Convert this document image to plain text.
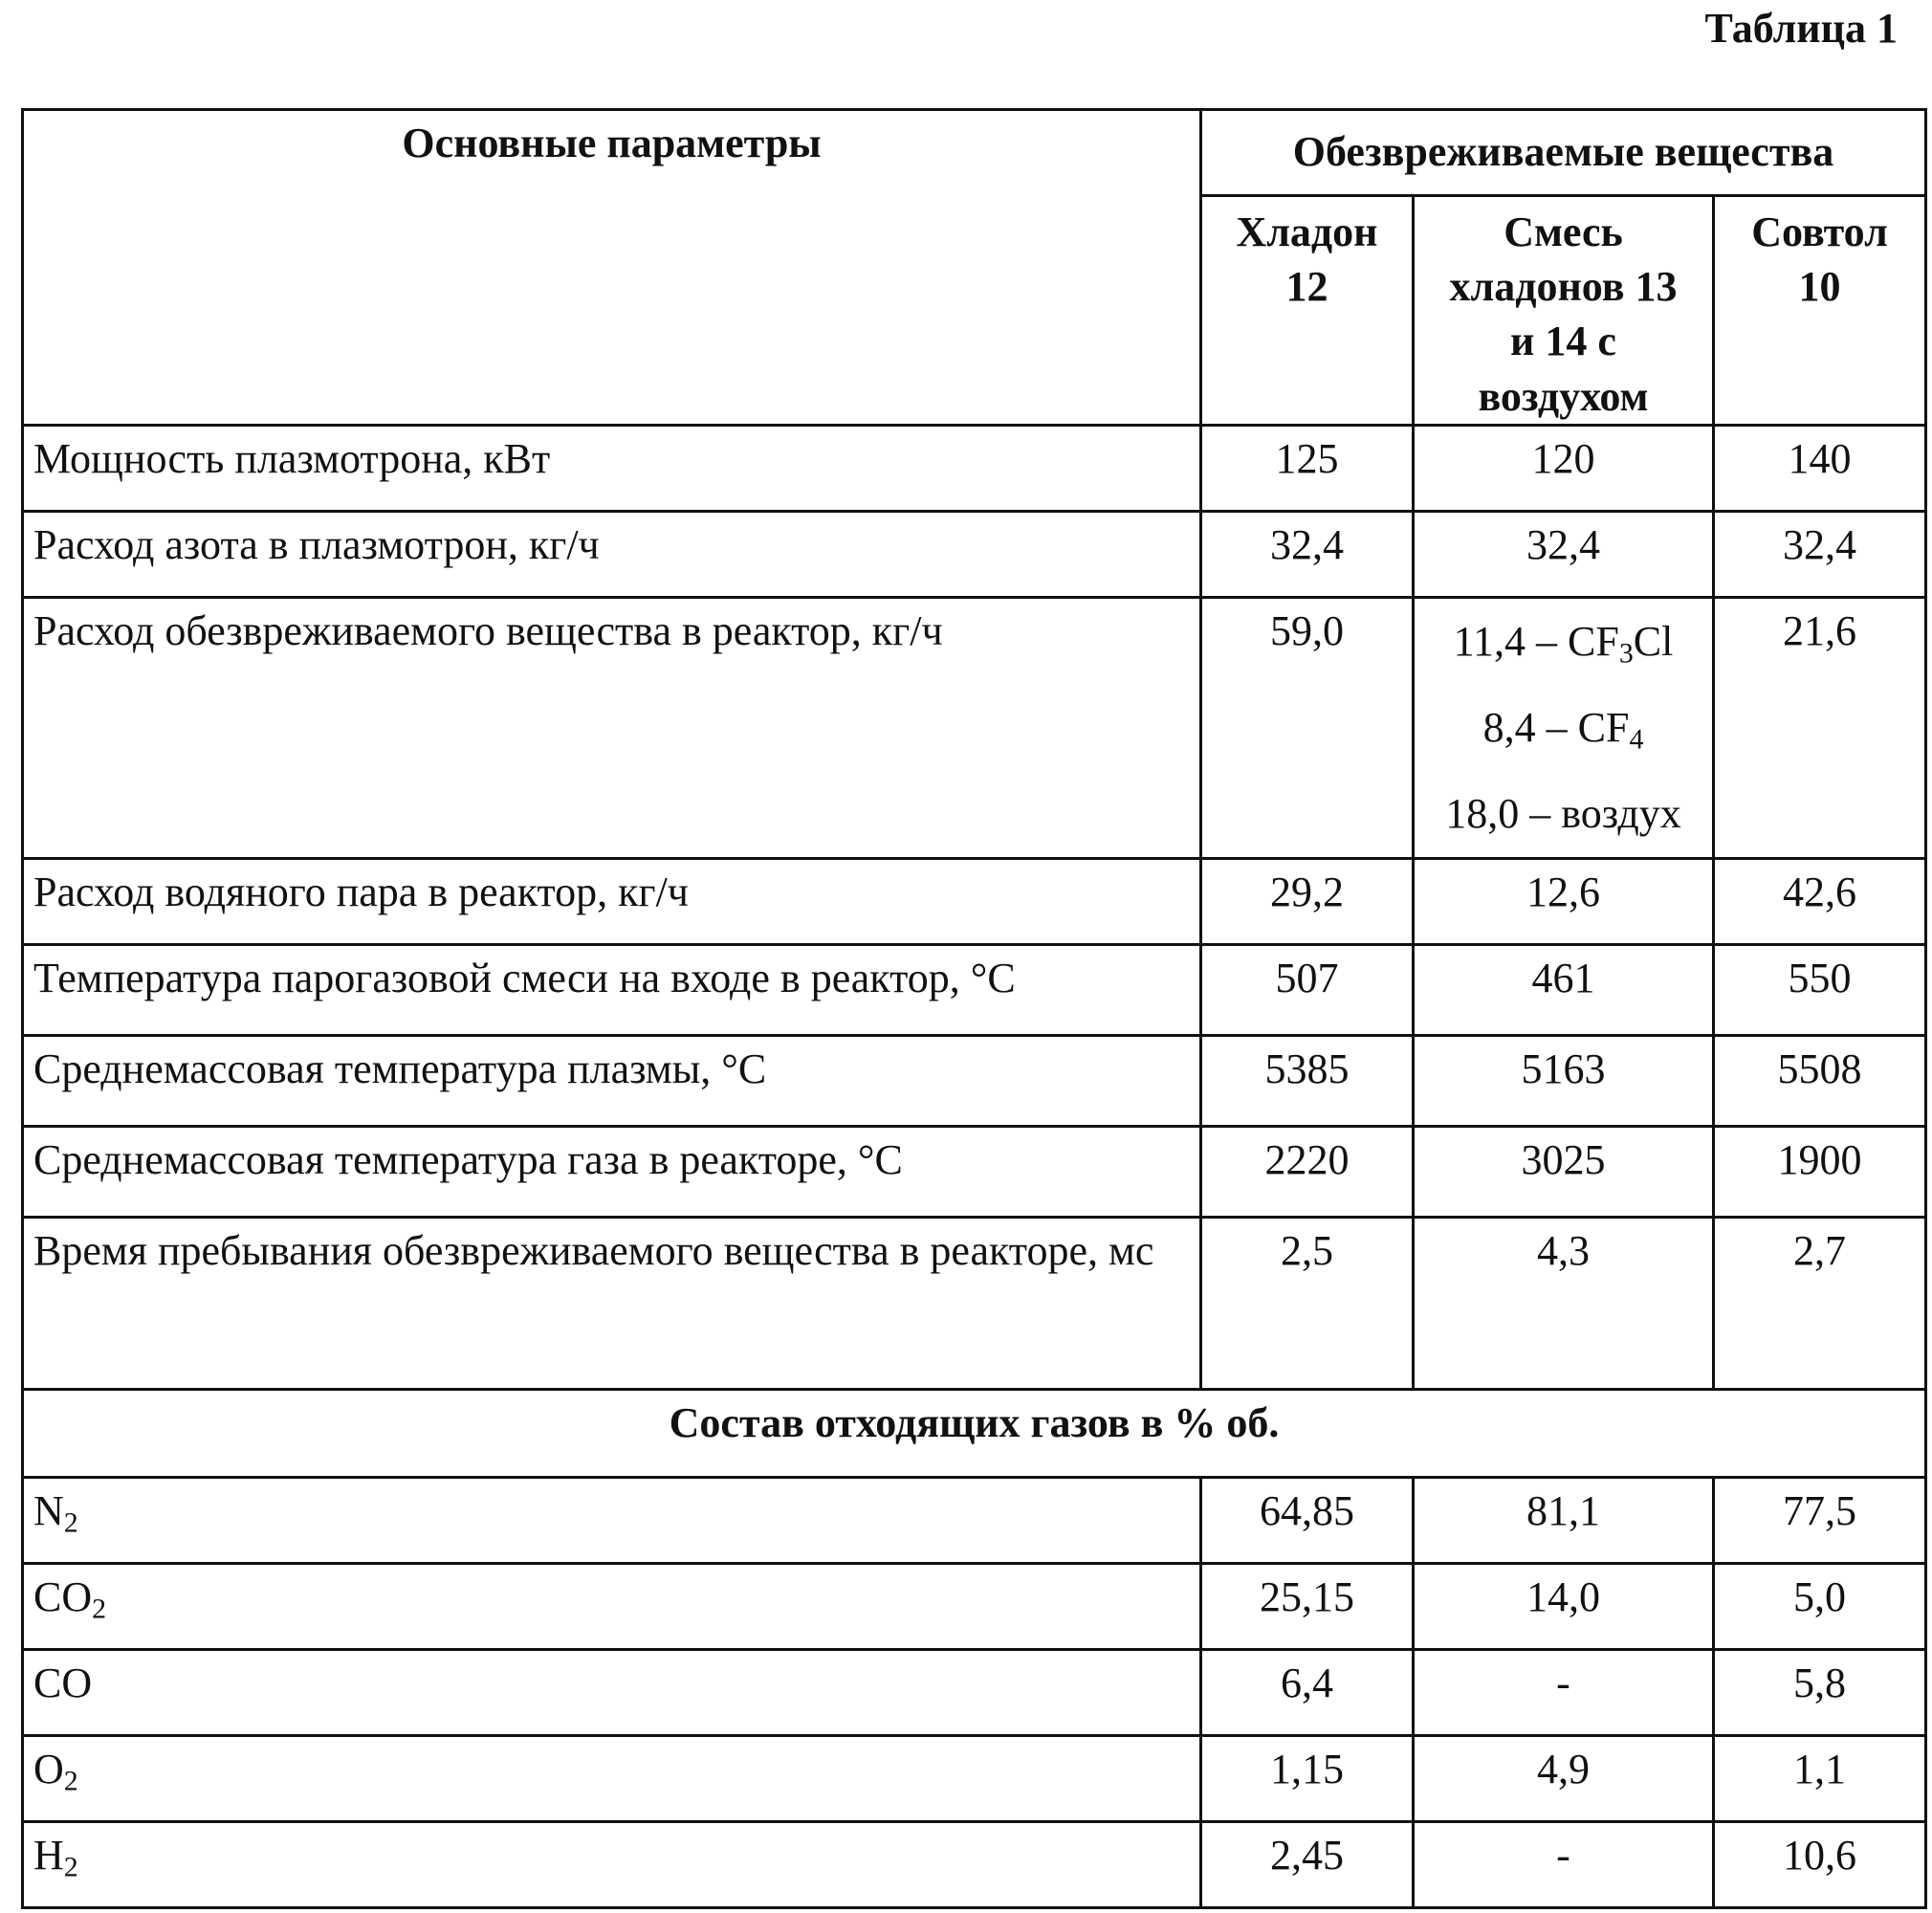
Таблица 1
Основные параметры	Обезвреживаемые вещества

Хладон
12

Смесь
хладонов 13
и 14 с
воздухом

Совтол
10

Мощность плазмотрона, кВт	125	120	140
Расход азота в плазмотрон, кг/ч	32,4	32,4	32,4
Расход обезвреживаемого вещества в реактор, кг/ч	59,0	11,4 – CF3Cl
8,4 – CF4
18,0 – воздух
	21,6
Расход водяного пара в реактор, кг/ч	29,2	12,6	42,6
Температура парогазовой смеси на входе в реактор, °С	507	461	550
Среднемассовая температура плазмы, °С	5385	5163	5508
Среднемассовая температура газа в реакторе, °С	2220	3025	1900
Время пребывания обезвреживаемого вещества в реакторе, мс	2,5	4,3	2,7
Состав отходящих газов в % об.
N2	64,85	81,1	77,5
CO2	25,15	14,0	5,0
CO	6,4	-	5,8
O2	1,15	4,9	1,1
H2	2,45	-	10,6
